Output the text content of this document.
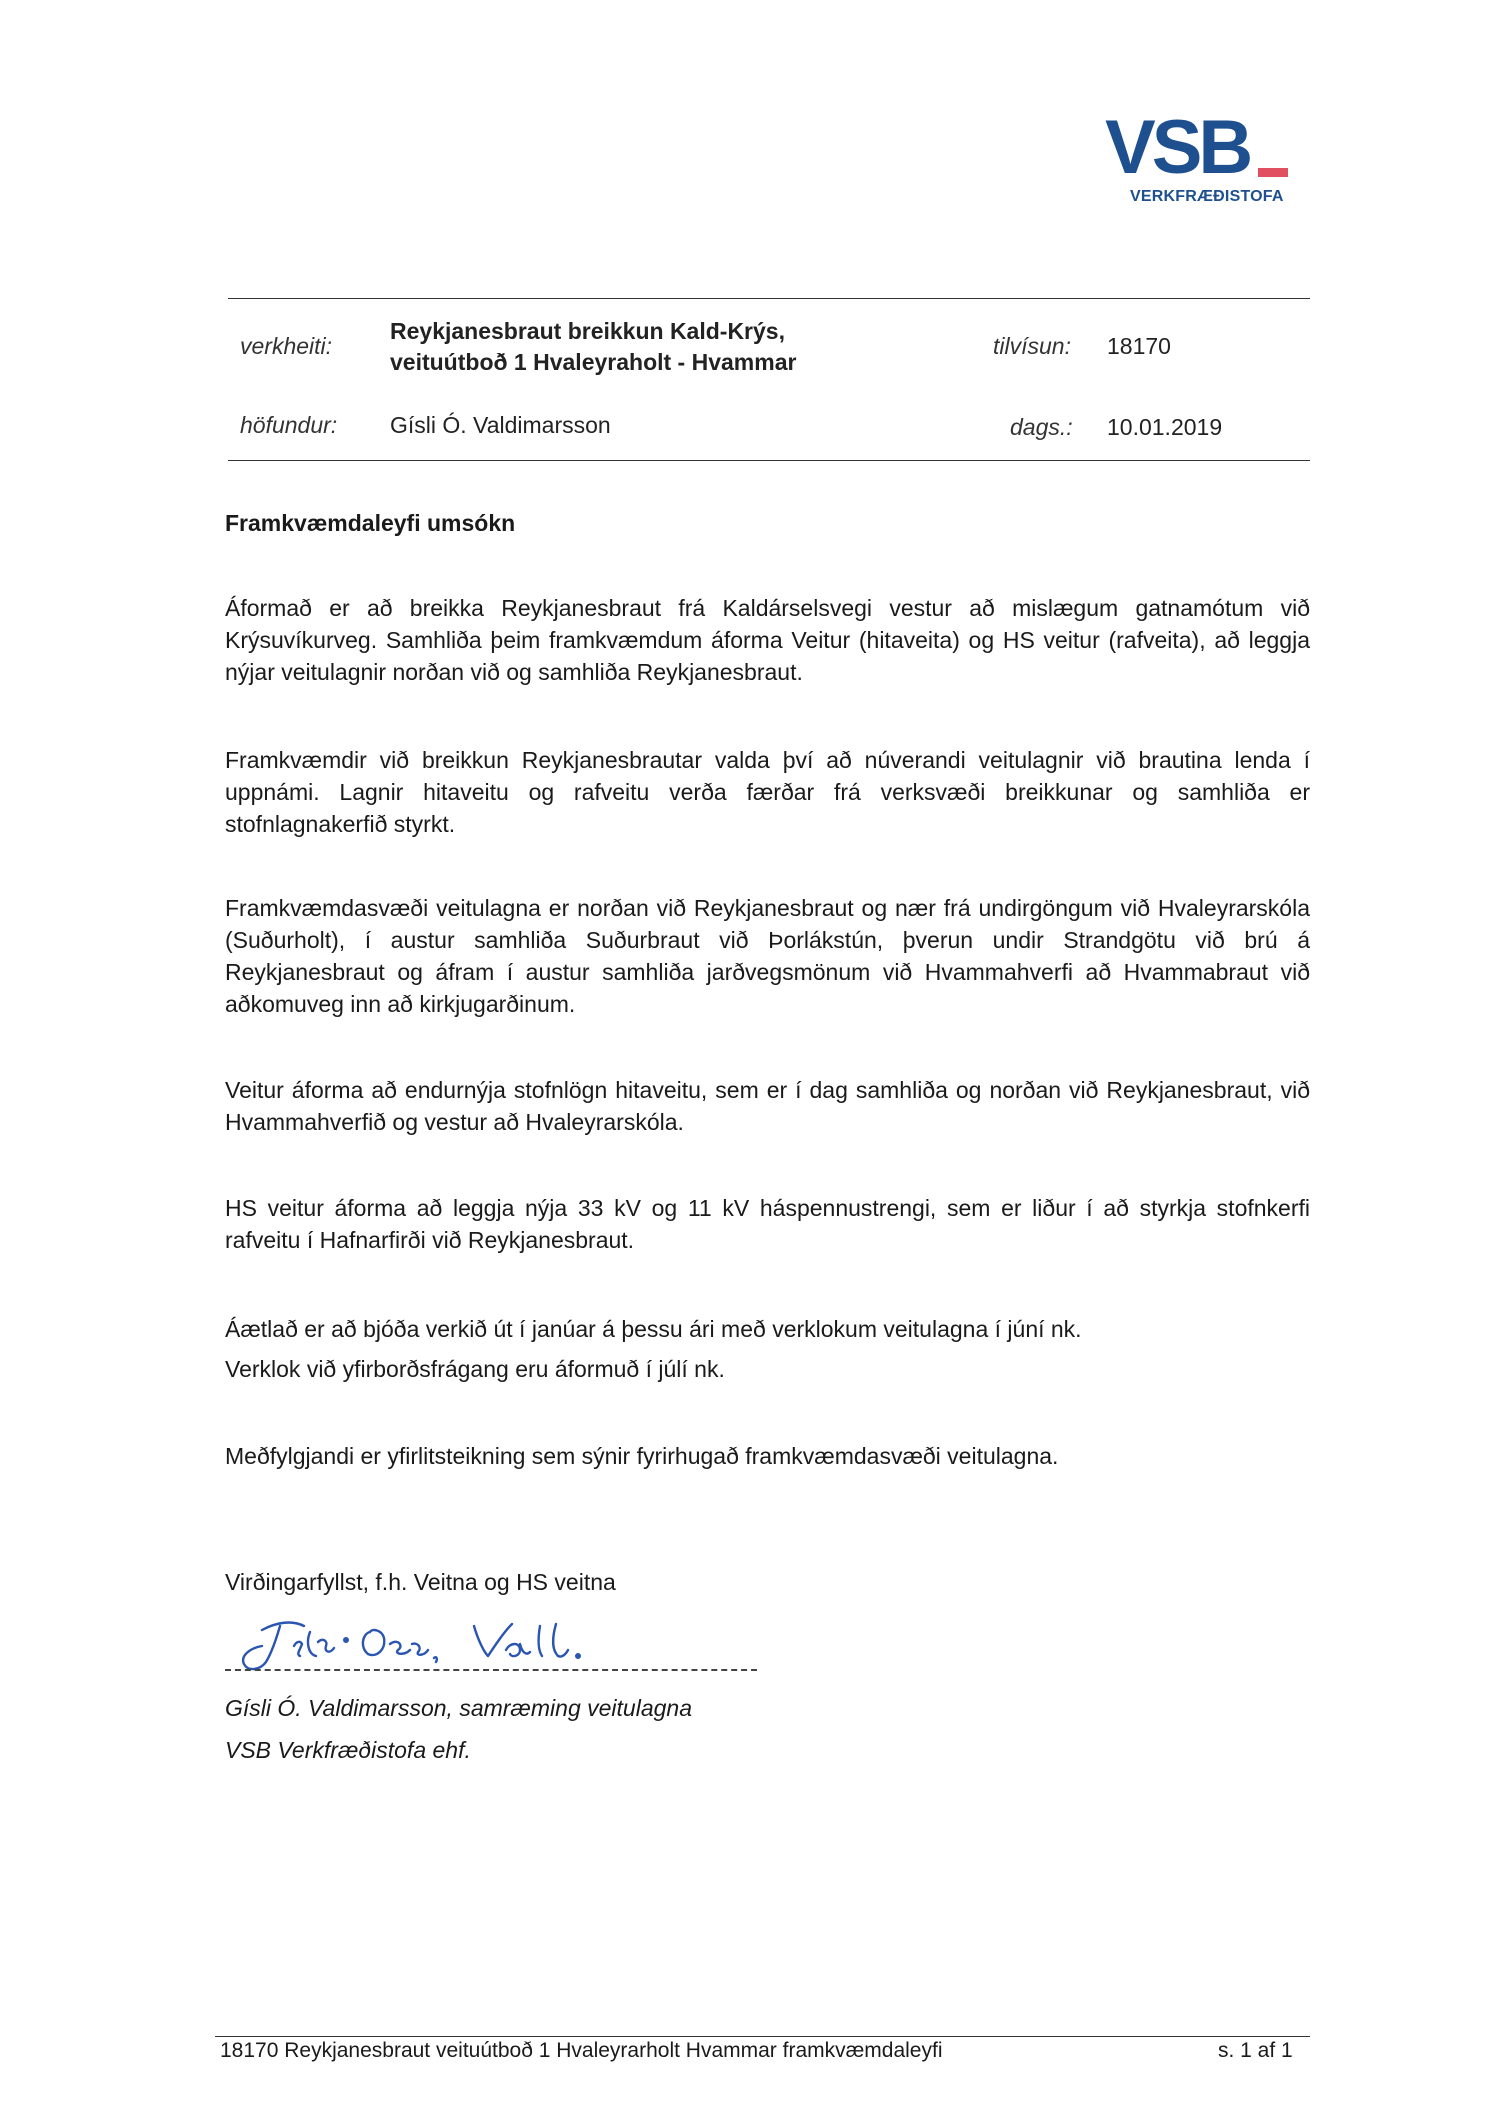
VSB
VERKFRÆÐISTOFA
verkheiti:
Reykjanesbraut breikkun Kald-Krýs,
veituútboð 1 Hvaleyraholt - Hvammar
tilvísun: 18170
höfundur: Gísli Ó. Valdimarsson	dags.: 10.01.2019
Framkvæmdaleyfi umsókn

Áformað er að breikka Reykjanesbraut frá Kaldárselsvegi vestur að mislægum gatnamótum við Krýsuvíkurveg. Samhliða þeim framkvæmdum áforma Veitur (hitaveita) og HS veitur (rafveita), að leggja nýjar veitulagnir norðan við og samhliða Reykjanesbraut.

Framkvæmdir við breikkun Reykjanesbrautar valda því að núverandi veitulagnir við brautina lenda í uppnámi. Lagnir hitaveitu og rafveitu verða færðar frá verksvæði breikkunar og samhliða er stofnlagnakerfið styrkt.

Framkvæmdasvæði veitulagna er norðan við Reykjanesbraut og nær frá undirgöngum við Hvaleyrarskóla (Suðurholt), í austur samhliða Suðurbraut við Þorlákstún, þverun undir Strandgötu við brú á Reykjanesbraut og áfram í austur samhliða jarðvegsmönum við Hvammahverfi að Hvammabraut við aðkomuveg inn að kirkjugarðinum.

Veitur áforma að endurnýja stofnlögn hitaveitu, sem er í dag samhliða og norðan við Reykjanesbraut, við Hvammahverfið og vestur að Hvaleyrarskóla.

HS veitur áforma að leggja nýja 33 kV og 11 kV háspennustrengi, sem er liður í að styrkja stofnkerfi rafveitu í Hafnarfirði við Reykjanesbraut.

Áætlað er að bjóða verkið út í janúar á þessu ári með verklokum veitulagna í júní nk.

Verklok við yfirborðsfrágang eru áformuð í júlí nk.

Meðfylgjandi er yfirlitsteikning sem sýnir fyrirhugað framkvæmdasvæði veitulagna.

Virðingarfyllst, f.h. Veitna og HS veitna

Gísli Ó. Valdimarsson, samræming veitulagna

VSB Verkfræðistofa ehf.

18170 Reykjanesbraut veituútboð 1 Hvaleyrarholt Hvammar framkvæmdaleyfi	s. 1 af 1
